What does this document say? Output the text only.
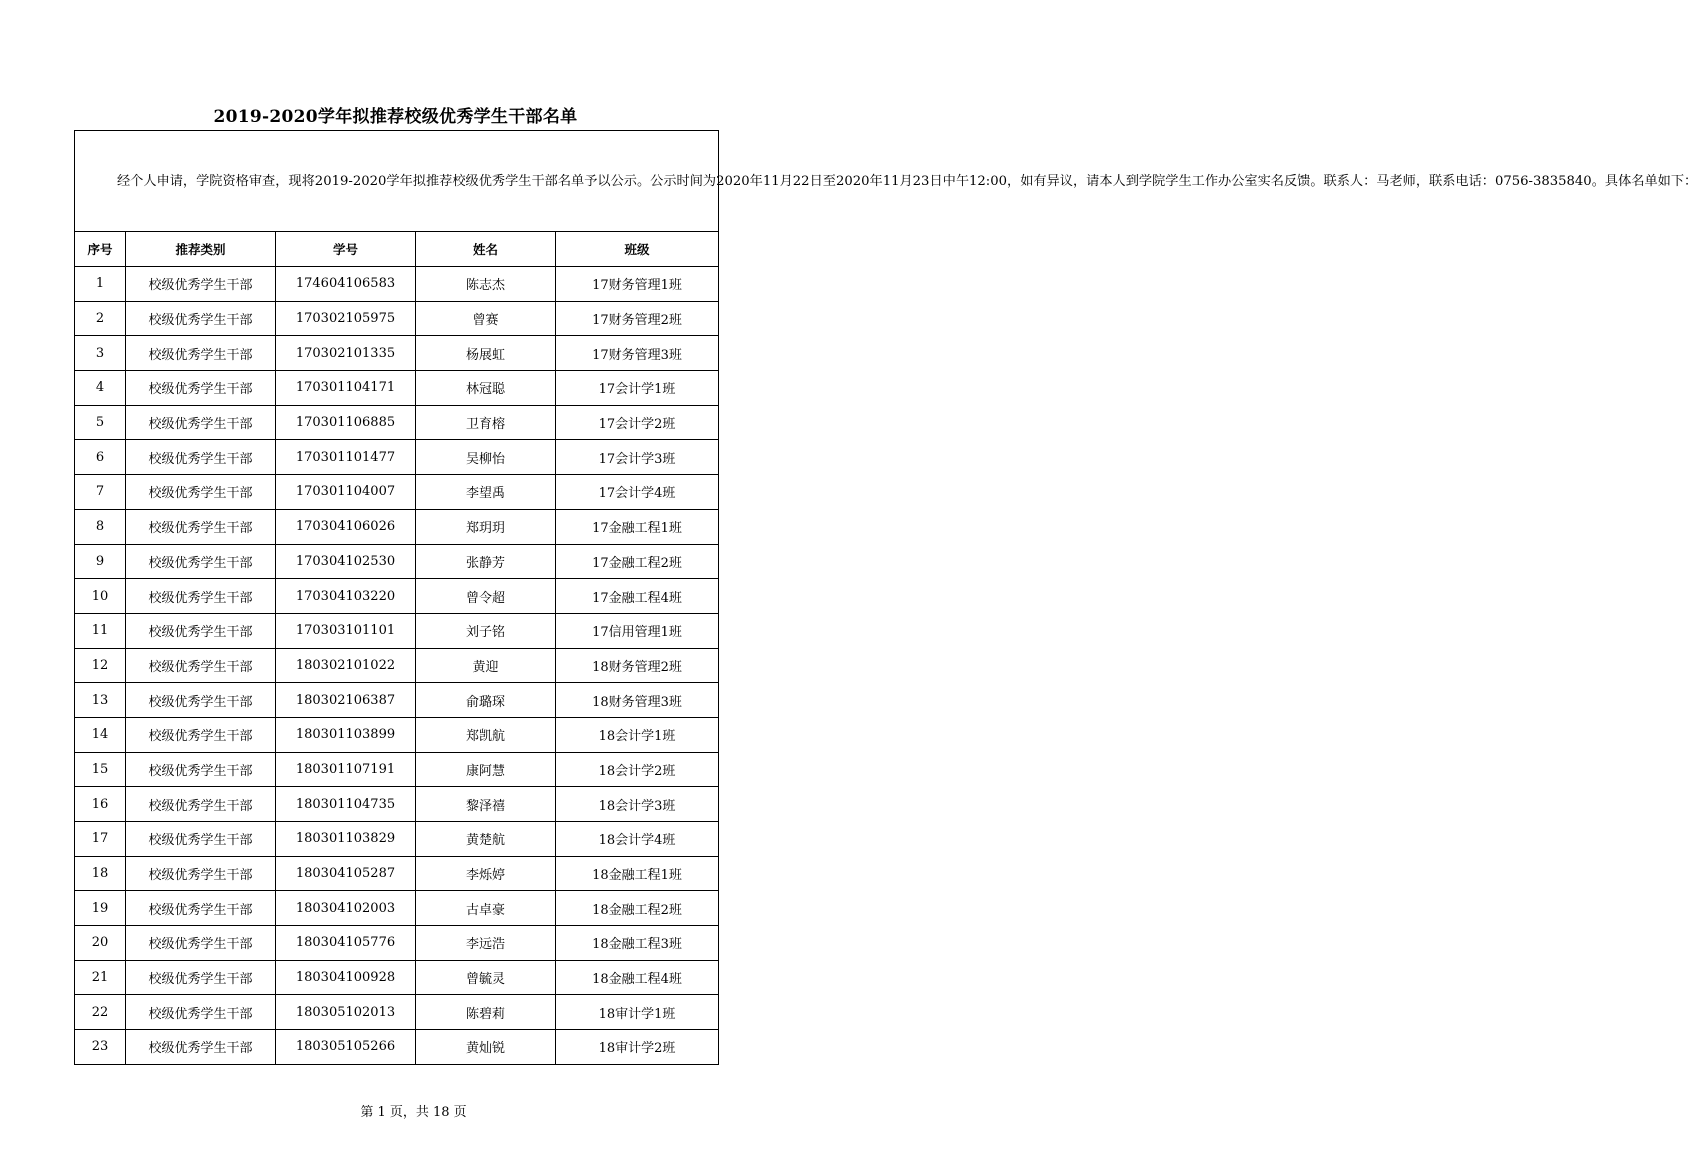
2019-2020学年拟推荐校级优秀学生干部名单
经个人申请，学院资格审查，现将2019-2020学年拟推荐校级优秀学生干部名单予以公示。公示时间为2020年11月22日至2020年11月23日中午12:00，如有异议，请本人到学院学生工作办公室实名反馈。联系人：马老师，联系电话：0756-3835840。具体名单如下：				

序号	推荐类别	学号	姓名	班级
1	校级优秀学生干部	174604106583	陈志杰	17财务管理1班
2	校级优秀学生干部	170302105975	曾赛	17财务管理2班
3	校级优秀学生干部	170302101335	杨展虹	17财务管理3班
4	校级优秀学生干部	170301104171	林冠聪	17会计学1班
5	校级优秀学生干部	170301106885	卫育榕	17会计学2班
6	校级优秀学生干部	170301101477	吴柳怡	17会计学3班
7	校级优秀学生干部	170301104007	李望禹	17会计学4班
8	校级优秀学生干部	170304106026	郑玥玥	17金融工程1班
9	校级优秀学生干部	170304102530	张静芳	17金融工程2班
10	校级优秀学生干部	170304103220	曾令超	17金融工程4班
11	校级优秀学生干部	170303101101	刘子铭	17信用管理1班
12	校级优秀学生干部	180302101022	黄迎	18财务管理2班
13	校级优秀学生干部	180302106387	俞璐琛	18财务管理3班
14	校级优秀学生干部	180301103899	郑凯航	18会计学1班
15	校级优秀学生干部	180301107191	康阿慧	18会计学2班
16	校级优秀学生干部	180301104735	黎泽禧	18会计学3班
17	校级优秀学生干部	180301103829	黄楚航	18会计学4班
18	校级优秀学生干部	180304105287	李烁婷	18金融工程1班
19	校级优秀学生干部	180304102003	古卓豪	18金融工程2班
20	校级优秀学生干部	180304105776	李远浩	18金融工程3班
21	校级优秀学生干部	180304100928	曾毓灵	18金融工程4班
22	校级优秀学生干部	180305102013	陈碧莉	18审计学1班
23	校级优秀学生干部	180305105266	黄灿锐	18审计学2班
第 1 页，共 18 页
